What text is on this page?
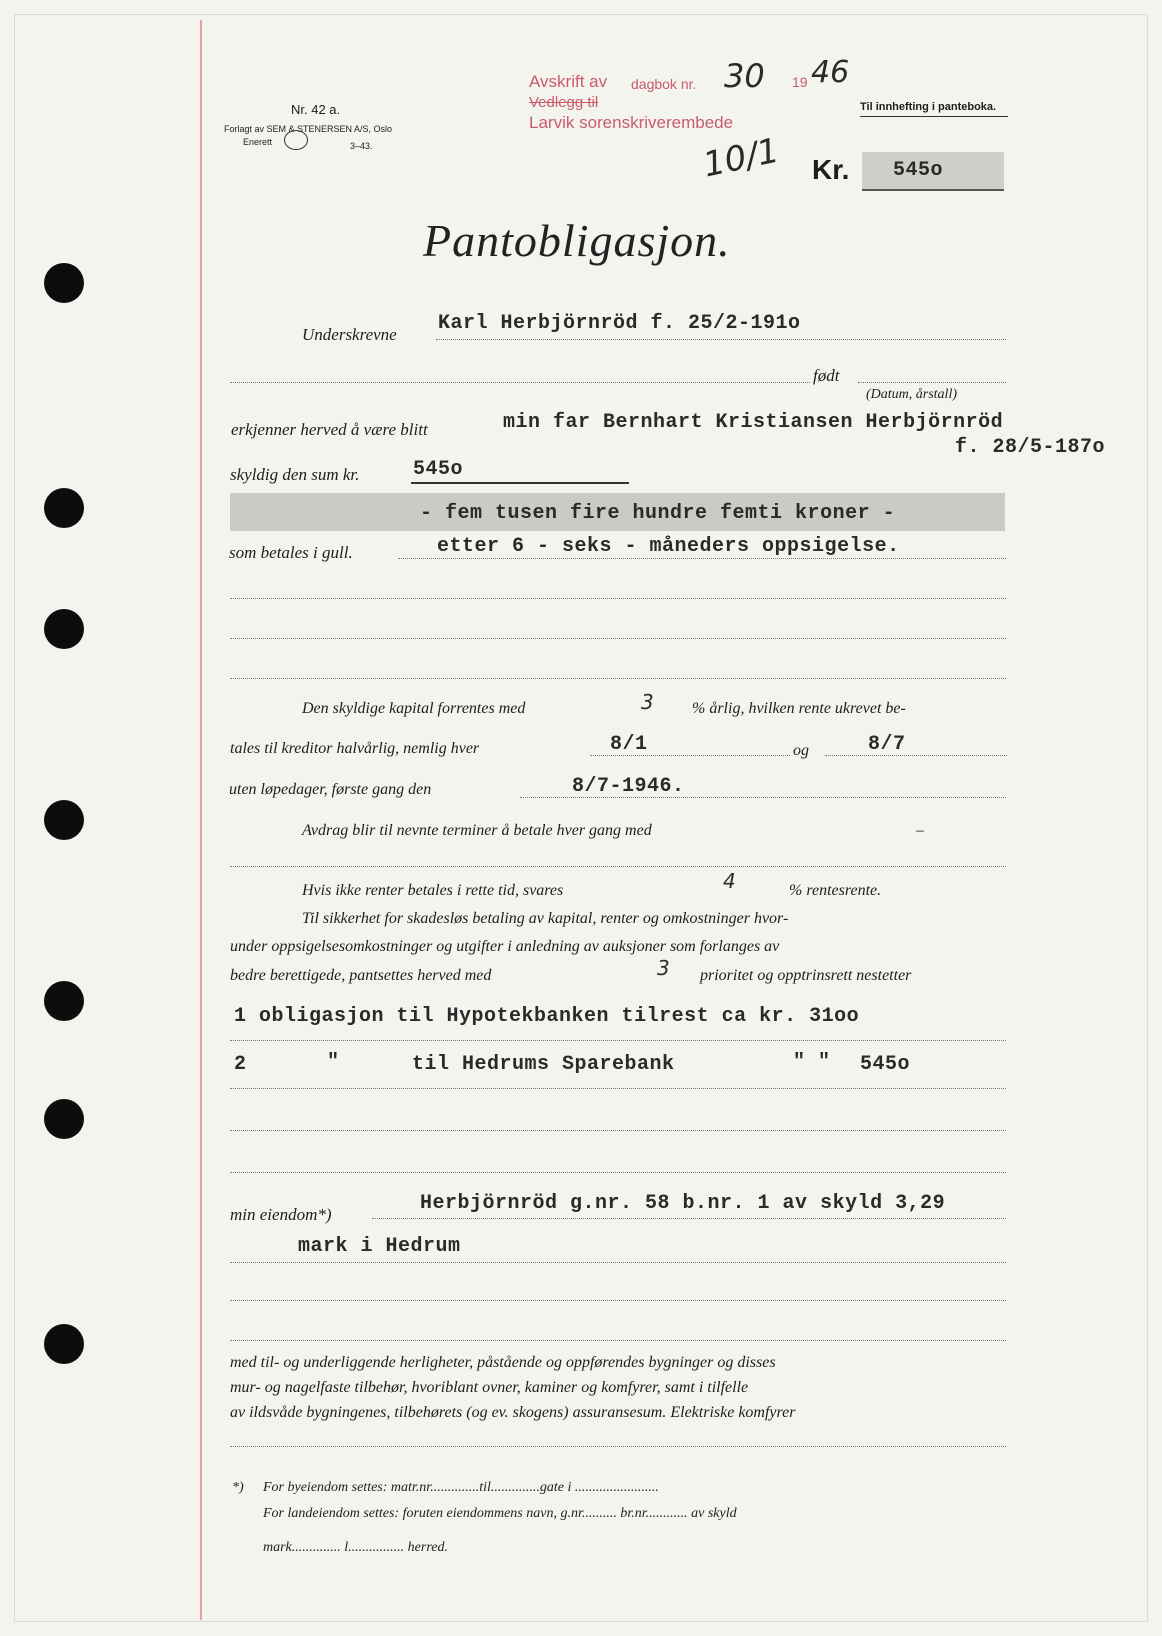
Nr. 42 a.
Forlagt av SEM & STENERSEN A/S, Oslo
Enerett	3–43.
Avskrift av dagbok nr. 30 19 46
Vedlegg til
Larvik sorenskriverembede
10/1
Til innhefting i panteboka.
Kr. 545o
Pantobligasjon.
Underskrevne Karl Herbjörnröd f. 25/2-191o
født
(Datum, årstall)
erkjenner herved å være blitt	min far Bernhart Kristiansen Herbjörnröd
f. 28/5-187o
skyldig den sum kr.	545o
- fem tusen fire hundre femti kroner -
som betales i gull.	etter 6 - seks - måneders oppsigelse.
Den skyldige kapital forrentes med	3 % årlig, hvilken rente ukrevet be-
tales til kreditor halvårlig, nemlig hver	8/1	og	8/7
uten løpedager, første gang den	8/7-1946.
Avdrag blir til nevnte terminer å betale hver gang med	–
Hvis ikke renter betales i rette tid, svares	4	% rentesrente.
Til sikkerhet for skadesløs betaling av kapital, renter og omkostninger hvor-
under oppsigelsesomkostninger og utgifter i anledning av auksjoner som forlanges av
bedre berettigede, pantsettes herved med	3 prioritet og opptrinsrett nestetter
1 obligasjon til Hypotekbanken tilrest ca kr. 31oo
2	"	til Hedrums Sparebank	" " 545o
min eiendom*)	Herbjörnröd g.nr. 58 b.nr. 1 av skyld 3,29
mark i Hedrum
med til- og underliggende herligheter, påstående og oppførendes bygninger og disses
mur- og nagelfaste tilbehør, hvoriblant ovner, kaminer og komfyrer, samt i tilfelle
av ildsvåde bygningenes, tilbehørets (og ev. skogens) assuransesum. Elektriske komfyrer
*) For byeiendom settes: matr.nr..............til..............gate i ........................
For landeiendom settes: foruten eiendommens navn, g.nr.......... br.nr............ av skyld
mark.............. l................ herred.
